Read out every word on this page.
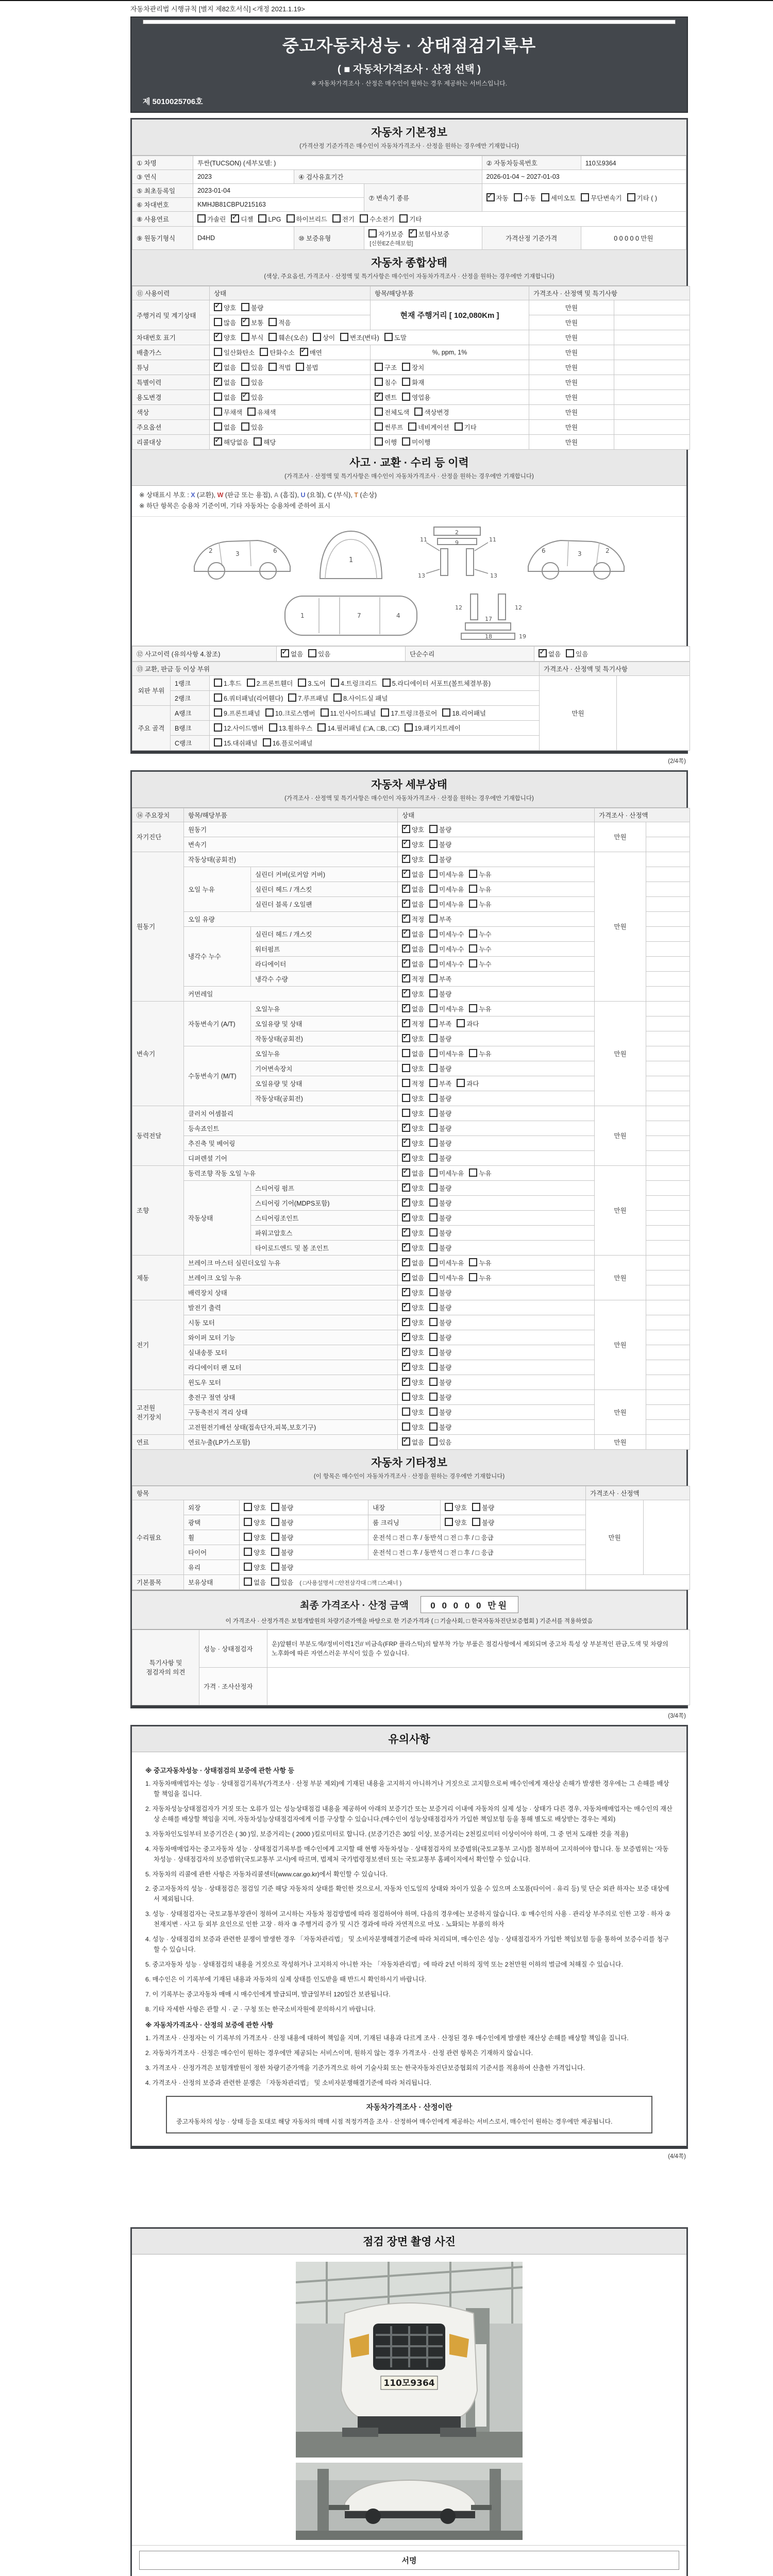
자동차관리법 시행규칙 [별지 제82호서식] <개정 2021.1.19>
중고자동차성능 · 상태점검기록부
( ■ 자동차가격조사 · 산정 선택 )
※ 자동차가격조사 · 산정은 매수인이 원하는 경우 제공하는 서비스입니다.
제 5010025706호
자동차 기본정보

(가격산정 기준가격은 매수인이 자동차가격조사 · 산정을 원하는 경우에만 기재합니다)

① 차명	투싼(TUCSON) (세부모델: )			② 자동차등록번호	110모9364
③ 연식	2023	④ 검사유효기간		2026-01-04 ~ 2027-01-03	
⑤ 최초등록일	2023-01-04		⑦ 변속기 종류	✓자동 수동 세미오토 무단변속기 기타 ( )
⑥ 차대번호	KMHJB81CBPU215163				
⑧ 사용연료	가솔린 ✓ 디젤 LPG 하이브리드 전기 수소전기 기타
⑨ 원동기형식	D4HD	⑩ 보증유형	자가보증 ✓ 보험사보증[신한EZ손해보험]	가격산정 기준가격	0 0 0 0 0 만원
자동차 종합상태

(색상, 주요옵션, 가격조사 · 산정액 및 특기사항은 매수인이 자동차가격조사 · 산정을 원하는 경우에만 기재합니다)

⑪ 사용이력	상태	항목/해당부품	가격조사 · 산정액 및 특기사항	
주행거리 및 계기상태	✓양호 불량	현재 주행거리 [ 102,080Km ]	만원	
	많음 ✓ 보통 적음		만원	
차대번호 표기	✓양호 부식 훼손(오손) 상이 변조(변타) 도말		만원	
배출가스	일산화탄소 탄화수소 ✓ 매연	%, ppm, 1%	만원	
튜닝	✓없음 있음 적법 불법	구조 장치	만원	
특별이력	✓없음 있음	침수 화재	만원	
용도변경	없음 ✓ 있음	✓렌트 영업용	만원	
색상	무채색 유채색	전체도색 색상변경	만원	
주요옵션	없음 있음	썬루프 네비게이션 기타	만원	
리콜대상	✓해당없음 해당	이행 미이행	만원	
사고 · 교환 · 수리 등 이력

(가격조사 · 산정액 및 특기사항은 매수인이 자동차가격조사 · 산정을 원하는 경우에만 기재합니다)

※ 상태표시 부호 : X (교환), W (판금 또는 용접), A (흠집), U (요철), C (부식), T (손상)
※ 하단 항목은 승용차 기준이며, 기타 자동차는 승용차에 준하여 표시
2	3	6
1
2
9
11	11
13	13
2
3
6
1	7	4
12	12
17
18	19
⑫ 사고이력 (유의사항 4.참조)	✓없음 있음	단순수리	✓없음 있음
⑬ 교환, 판금 등 이상 부위			가격조사 · 산정액 및 특기사항	
외판 부위	1랭크	1.후드 2.프론트휀더 3.도어 4.트렁크리드 5.라디에이터 서포트(볼트체결부품)	만원	
	2랭크	6.쿼터패널(리어휀다) 7.루프패널 8.사이드실 패널		
주요 골격	A랭크	9.프론트패널 10.크로스멤버 11.인사이드패널 17.트렁크플로어 18.리어패널		
	B랭크	12.사이드멤버 13.휠하우스 14.필러패널 (□A, □B, □C) 19.패키지트레이		
	C랭크	15.대쉬패널 16.플로어패널		
(2/4쪽)
자동차 세부상태

(가격조사 · 산정액 및 특기사항은 매수인이 자동차가격조사 · 산정을 원하는 경우에만 기재합니다)

⑭ 주요장치	항목/해당부품		상태	가격조사 · 산정액	
자기진단	원동기	✓양호 불량	만원	
	변속기	✓양호 불량	
원동기	작동상태(공회전)	✓양호 불량	만원	
	오일 누유	실린더 커버(로커암 커버)	✓없음 미세누유 누유	
		실린더 헤드 / 개스킷	✓없음 미세누유 누유	
		실린더 블록 / 오일팬	✓없음 미세누유 누유	
	오일 유량	✓적정 부족	
	냉각수 누수	실린더 헤드 / 개스킷	✓없음 미세누수 누수	
		워터펌프	✓없음 미세누수 누수	
		라디에이터	✓없음 미세누수 누수	
		냉각수 수량	✓적정 부족	
	커먼레일	✓양호 불량	
변속기	자동변속기 (A/T)	오일누유	✓없음 미세누유 누유	만원	
		오일유량 및 상태	✓적정 부족 과다	
		작동상태(공회전)	✓양호 불량	
	수동변속기 (M/T)	오일누유	없음 미세누유 누유		
		기어변속장치	양호 불량		
		오일유량 및 상태	적정 부족 과다		
		작동상태(공회전)	양호 불량		
동력전달	클러치 어셈블리		양호 불량	만원	
	등속죠인트	✓양호 불량	
	추진축 및 베어링	✓양호 불량	
	디퍼렌셜 기어	✓양호 불량	
조향	동력조향 작동 오일 누유	✓없음 미세누유 누유	만원	
	작동상태	스티어링 펌프	✓양호 불량	
		스티어링 기어(MDPS포함)	✓양호 불량	
		스티어링조인트	✓양호 불량	
		파워고압호스	✓양호 불량	
		타이로드엔드 및 볼 조인트	✓양호 불량	
제동	브레이크 마스터 실린더오일 누유	✓없음 미세누유 누유	만원	
	브레이크 오일 누유	✓없음 미세누유 누유	
	배력장치 상태	✓양호 불량	
전기	발전기 출력	✓양호 불량	만원	
	시동 모터	✓양호 불량	
	와이퍼 모터 기능	✓양호 불량	
	실내송풍 모터	✓양호 불량	
	라디에이터 팬 모터	✓양호 불량	
	윈도우 모터	✓양호 불량	
고전원 전기장치	충전구 절연 상태		양호 불량	만원	
	구동축전지 격리 상태		양호 불량		
	고전원전기배선 상태(접속단자,피복,보호기구)		양호 불량		
연료	연료누출(LP가스포함)	✓없음 있음	만원	
자동차 기타정보

(이 항목은 매수인이 자동차가격조사 · 산정을 원하는 경우에만 기재합니다)

항목					가격조사 · 산정액	
수리필요	외장	양호 불량	내장	양호 불량	만원	
	광택	양호 불량	룸 크리닝	양호 불량		
	휠	양호 불량	운전석 □ 전 □ 후 / 동반석 □ 전 □ 후 / □ 응급			
	타이어	양호 불량	운전석 □ 전 □ 후 / 동반석 □ 전 □ 후 / □ 응급			
	유리	양호 불량				
기본품목	보유상태	없음 있음 ( □사용설명서 □안전삼각대 □잭 □스패너 )				
최종 가격조사 · 산정 금액 0 0 0 0 0 만원
이 가격조사 · 산정가격은 보험개발원의 차량기준가액을 바탕으로 한 기준가격과 ( □ 기술사회, □ 한국자동차진단보증협회 ) 기준서를 적용하였음
특기사항 및 점검자의 의견	성능 · 상태점검자	운)앞휀더 부분도색//정비이력1건// 비금속(FRP 플라스틱)의 탈부착 가능 부품은 점검사항에서 제외되며 중고차 특성 상 부분적인 판금,도색 및 차량의 노후화에 따른 자연스러운 부식이 있을 수 있습니다.
	가격 · 조사산정자	
(3/4쪽)
유의사항
※ 중고자동차성능 · 상태점검의 보증에 관한 사항 등

1. 자동차매매업자는 성능 · 상태점검기록부(가격조사 · 산정 부분 제외)에 기재된 내용을 고지하지 아니하거나 거짓으로 고지함으로써 매수인에게 재산상 손해가 발생한 경우에는 그 손해를 배상할 책임을 집니다.

2. 자동차성능상태점검자가 거짓 또는 오류가 있는 성능상태점검 내용을 제공하여 아래의 보증기간 또는 보증거리 이내에 자동차의 실제 성능 · 상태가 다른 경우, 자동차매매업자는 매수인의 재산상 손해를 배상할 책임을 지며, 자동차성능상태점검자에게 이를 구상할 수 있습니다.(매수인이 성능상태점검자가 가입한 책임보험 등을 통해 별도로 배상받는 경우는 제외)

3. 자동차인도일부터 보증기간은 ( 30 )일, 보증거리는 ( 2000 )킬로미터로 합니다. (보증기간은 30일 이상, 보증거리는 2천킬로미터 이상이어야 하며, 그 중 먼저 도래한 것을 적용)

4. 자동차매매업자는 중고자동차 성능 · 상태점검기록부를 매수인에게 고지할 때 현행 자동차성능 · 상태점검자의 보증범위(국토교통부 고시)를 첨부하여 고지하여야 합니다. 동 보증범위는 '자동차성능 · 상태점검자의 보증범위'(국토교통부 고시)에 따르며, 법제처 국가법령정보센터 또는 국토교통부 홈페이지에서 확인할 수 있습니다.

5. 자동차의 리콜에 관한 사항은 자동차리콜센터(www.car.go.kr)에서 확인할 수 있습니다.

2. 중고자동차의 성능 · 상태점검은 점검일 기준 해당 자동차의 상태를 확인한 것으로서, 자동차 인도일의 상태와 차이가 있을 수 있으며 소모품(타이어 · 유리 등) 및 단순 외관 하자는 보증 대상에서 제외됩니다.

3. 성능 · 상태점검자는 국토교통부장관이 정하여 고시하는 자동차 점검방법에 따라 점검하여야 하며, 다음의 경우에는 보증하지 않습니다. ① 매수인의 사용 · 관리상 부주의로 인한 고장 · 하자 ② 천재지변 · 사고 등 외부 요인으로 인한 고장 · 하자 ③ 주행거리 증가 및 시간 경과에 따라 자연적으로 마모 · 노화되는 부품의 하자

4. 성능 · 상태점검의 보증과 관련한 분쟁이 발생한 경우 「자동차관리법」 및 소비자분쟁해결기준에 따라 처리되며, 매수인은 성능 · 상태점검자가 가입한 책임보험 등을 통하여 보증수리를 청구할 수 있습니다.

5. 중고자동차 성능 · 상태점검의 내용을 거짓으로 작성하거나 고지하지 아니한 자는 「자동차관리법」에 따라 2년 이하의 징역 또는 2천만원 이하의 벌금에 처해질 수 있습니다.

6. 매수인은 이 기록부에 기재된 내용과 자동차의 실제 상태를 인도받을 때 반드시 확인하시기 바랍니다.

7. 이 기록부는 중고자동차 매매 시 매수인에게 발급되며, 발급일부터 120일간 보관됩니다.

8. 기타 자세한 사항은 관할 시 · 군 · 구청 또는 한국소비자원에 문의하시기 바랍니다.

※ 자동차가격조사 · 산정의 보증에 관한 사항

1. 가격조사 · 산정자는 이 기록부의 가격조사 · 산정 내용에 대하여 책임을 지며, 기재된 내용과 다르게 조사 · 산정된 경우 매수인에게 발생한 재산상 손해를 배상할 책임을 집니다.

2. 자동차가격조사 · 산정은 매수인이 원하는 경우에만 제공되는 서비스이며, 원하지 않는 경우 가격조사 · 산정 관련 항목은 기재하지 않습니다.

3. 가격조사 · 산정가격은 보험개발원이 정한 차량기준가액을 기준가격으로 하여 기술사회 또는 한국자동차진단보증협회의 기준서를 적용하여 산출한 가격입니다.

4. 가격조사 · 산정의 보증과 관련한 분쟁은 「자동차관리법」 및 소비자분쟁해결기준에 따라 처리됩니다.

자동차가격조사 · 산정이란
중고자동차의 성능 · 상태 등을 토대로 해당 자동차의 매매 시점 적정가격을 조사 · 산정하여 매수인에게 제공하는 서비스로서, 매수인이 원하는 경우에만 제공됩니다.
(4/4쪽)
점검 장면 촬영 사진
110모9364
서명
